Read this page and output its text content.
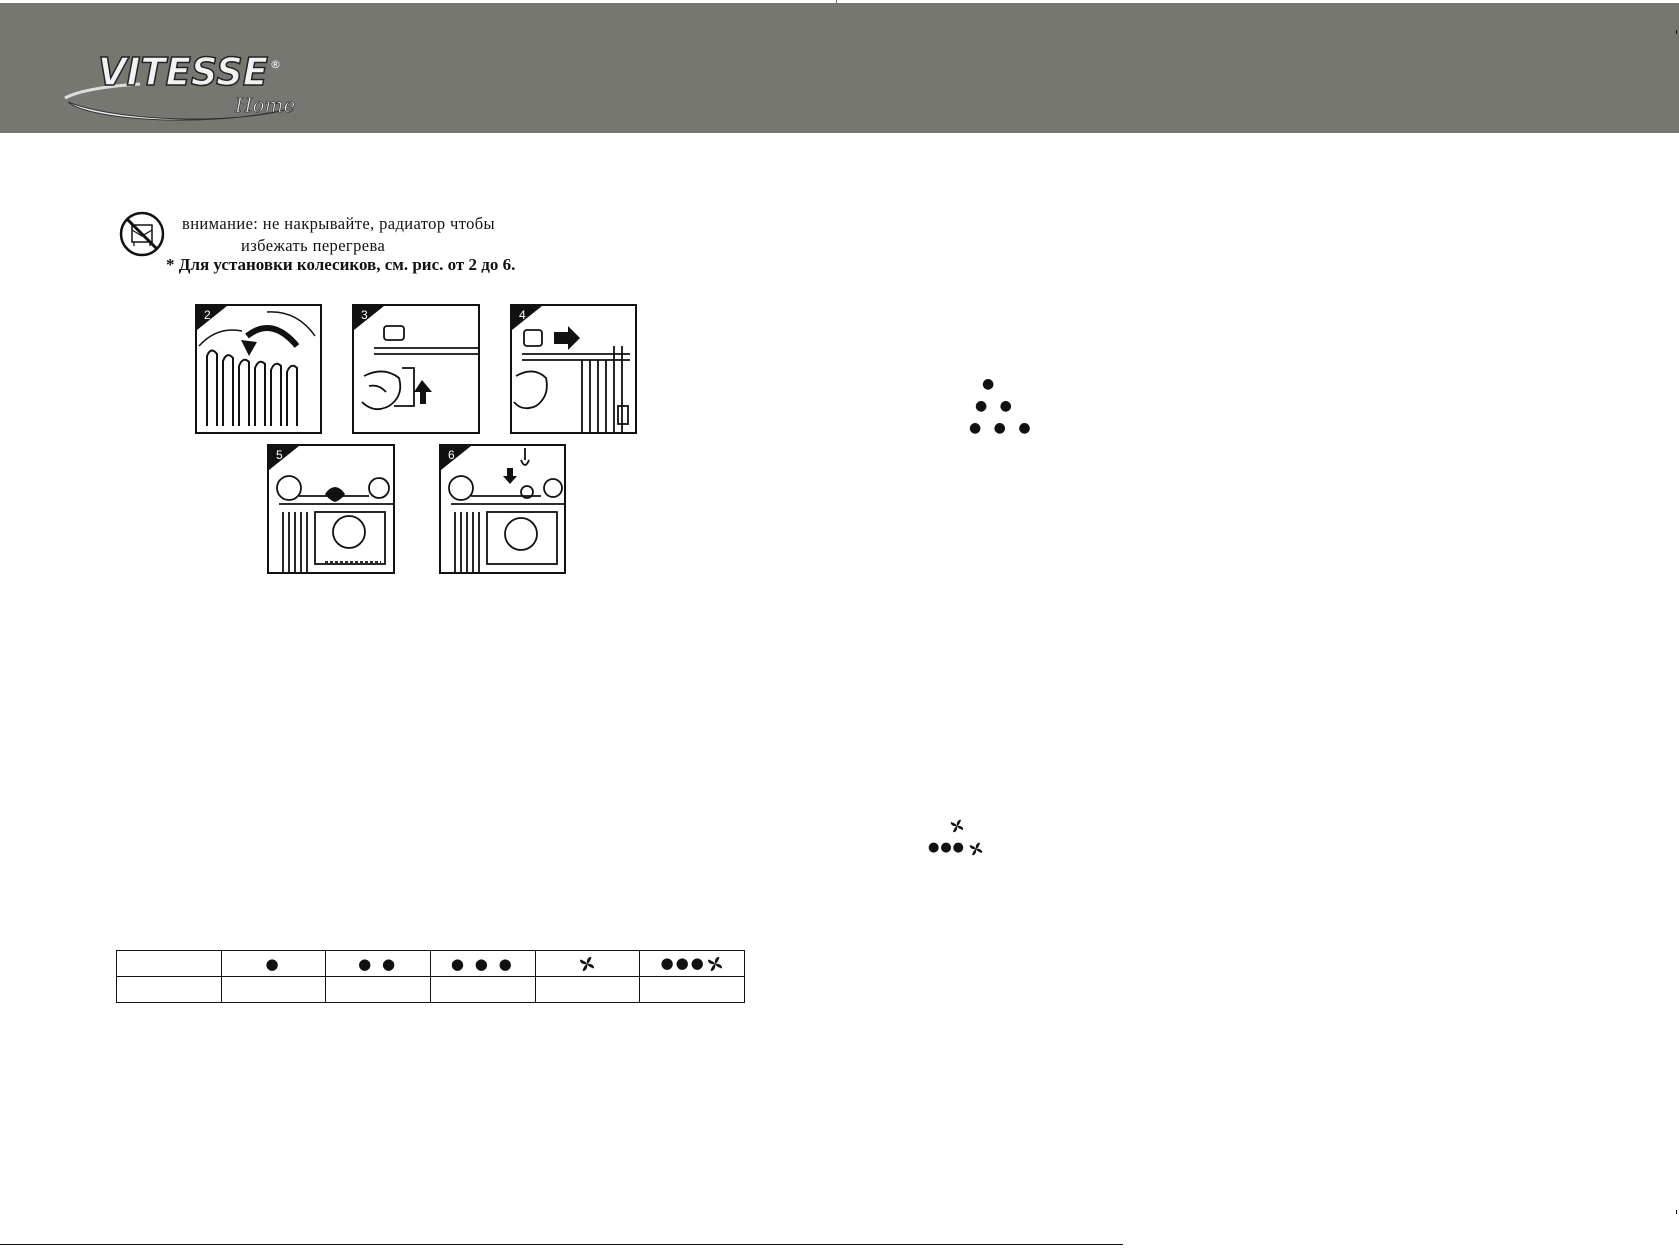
VITESSE ®
Home
внимание: не накрывайте, радиатор чтобы
избежать перегрева
* Для установки колесиков, см. рис. от 2 до 6.
2	3	4
5	6
●
● ●
● ● ●
●●●
	●	● ●	● ● ●		●●●
